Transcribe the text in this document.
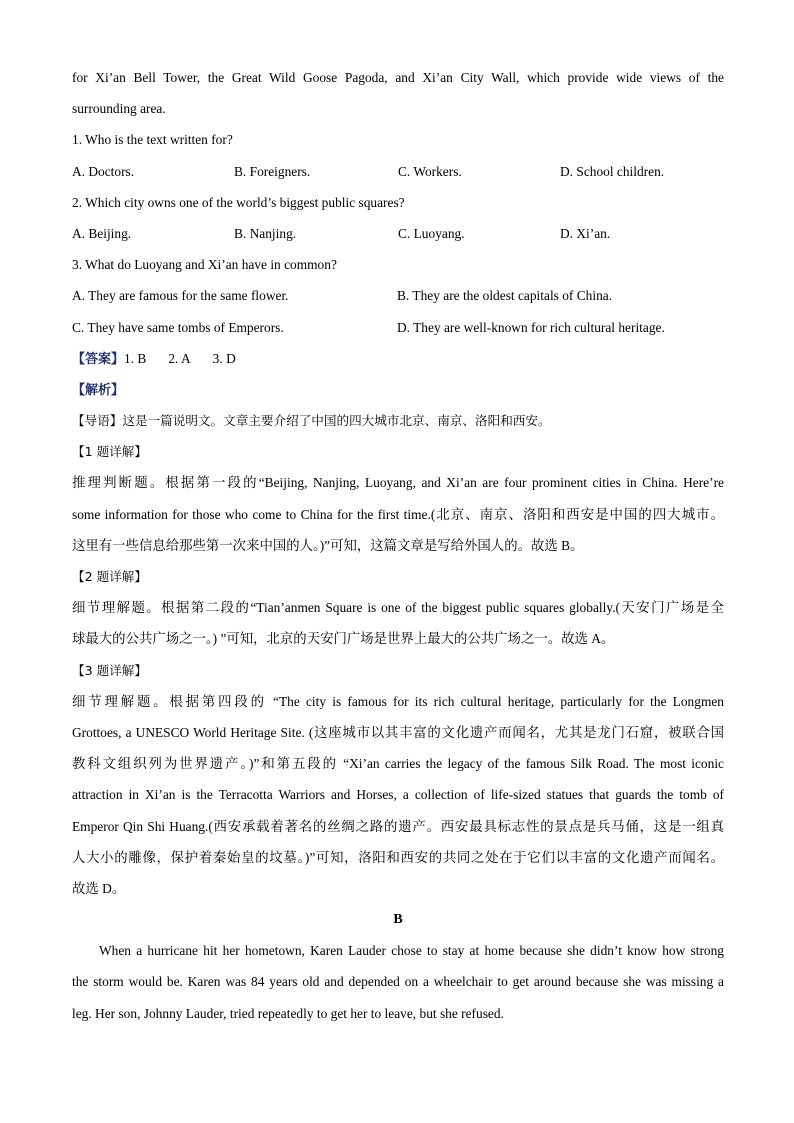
for Xi’an Bell Tower, the Great Wild Goose Pagoda, and Xi’an City Wall, which provide wide views of the
surrounding area.
1. Who is the text written for?
A. Doctors.	B. Foreigners.	C. Workers.	D. School children.
2. Which city owns one of the world’s biggest public squares?
A. Beijing.	B. Nanjing.	C. Luoyang.	D. Xi’an.
3. What do Luoyang and Xi’an have in common?
A. They are famous for the same flower.	B. They are the oldest capitals of China.
C. They have same tombs of Emperors.	D. They are well-known for rich cultural heritage.
【答案】1. B 2. A 3. D
【解析】
【导语】这是一篇说明文。文章主要介绍了中国的四大城市北京、南京、洛阳和西安。
【1 题详解】
推理判断题。根据第一段的“Beijing, Nanjing, Luoyang, and Xi’an are four prominent cities in China. Here’re
some information for those who come to China for the first time.(北京、南京、洛阳和西安是中国的四大城市。
这里有一些信息给那些第一次来中国的人。)”可知，这篇文章是写给外国人的。故选 B。
【2 题详解】
细节理解题。根据第二段的“Tian’anmen Square is one of the biggest public squares globally.(天安门广场是全
球最大的公共广场之一。) ”可知，北京的天安门广场是世界上最大的公共广场之一。故选 A。
【3 题详解】
细节理解题。根据第四段的 “The city is famous for its rich cultural heritage, particularly for the Longmen
Grottoes, a UNESCO World Heritage Site. (这座城市以其丰富的文化遗产而闻名，尤其是龙门石窟，被联合国
教科文组织列为世界遗产。)”和第五段的 “Xi’an carries the legacy of the famous Silk Road. The most iconic
attraction in Xi’an is the Terracotta Warriors and Horses, a collection of life-sized statues that guards the tomb of
Emperor Qin Shi Huang.(西安承载着著名的丝绸之路的遗产。西安最具标志性的景点是兵马俑，这是一组真
人大小的雕像，保护着秦始皇的坟墓。)”可知，洛阳和西安的共同之处在于它们以丰富的文化遗产而闻名。
故选 D。
B
When a hurricane hit her hometown, Karen Lauder chose to stay at home because she didn’t know how strong
the storm would be. Karen was 84 years old and depended on a wheelchair to get around because she was missing a
leg. Her son, Johnny Lauder, tried repeatedly to get her to leave, but she refused.
